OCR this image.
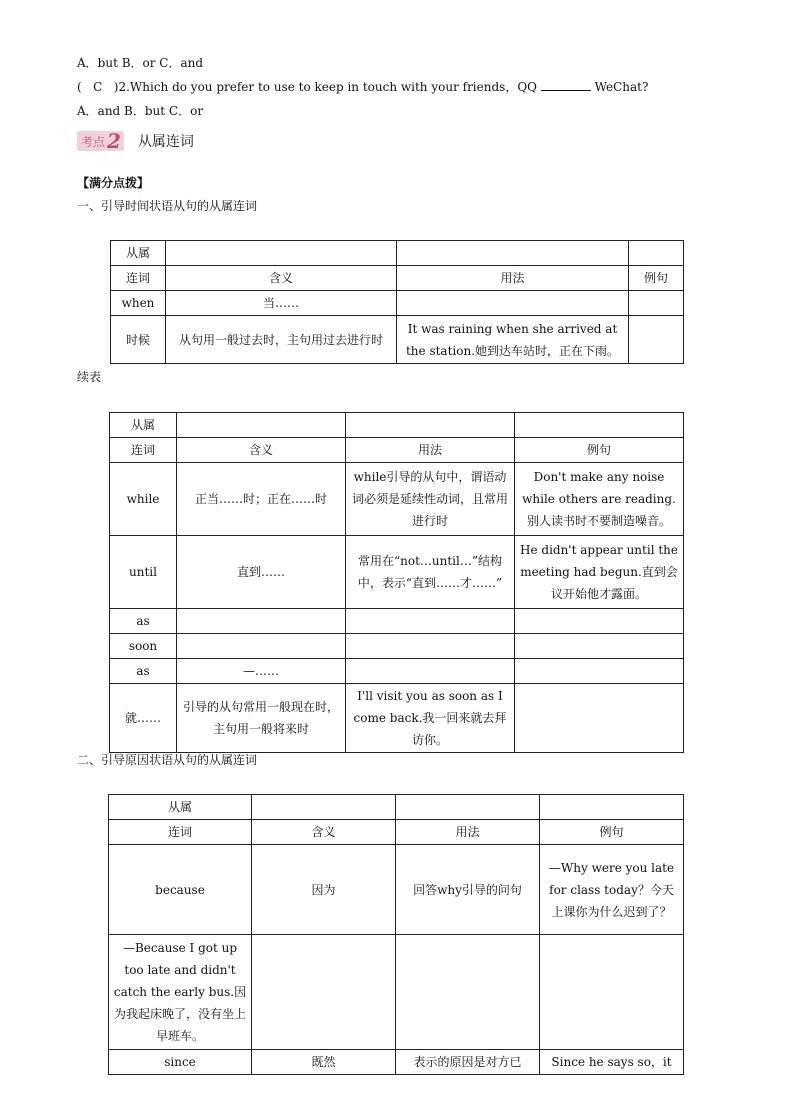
A．but B．or C．and
( C )2.Which do you prefer to use to keep in touch with your friends，QQ	WeChat?
A．and B．but C．or
考点 2 从属连词
【满分点拨】
一、引导时间状语从句的从属连词
从属			
连词	含义	用法	例句
when	当……		
时候	从句用一般过去时，主句用过去进行时	It was raining when she arrived at the station.她到达车站时，正在下雨。	
续表
从属			
连词	含义	用法	例句
while	正当……时；正在……时	while引导的从句中，谓语动词必须是延续性动词，且常用进行时	Don't make any noise while others are reading.别人读书时不要制造噪音。
until	直到……	常用在“not…until…”结构中，表示“直到……才……”	He didn't appear until the meeting had begun.直到会议开始他才露面。
as			
soon			
as	—……		
就……	引导的从句常用一般现在时，主句用一般将来时	I'll visit you as soon as I come back.我一回来就去拜访你。	
二、引导原因状语从句的从属连词
从属			
连词	含义	用法	例句
because	因为	回答why引导的问句	—Why were you late for class today？今天上课你为什么迟到了？
—Because I got up too late and didn't catch the early bus.因为我起床晚了，没有坐上早班车。			
since	既然	表示的原因是对方已	Since he says so，it
